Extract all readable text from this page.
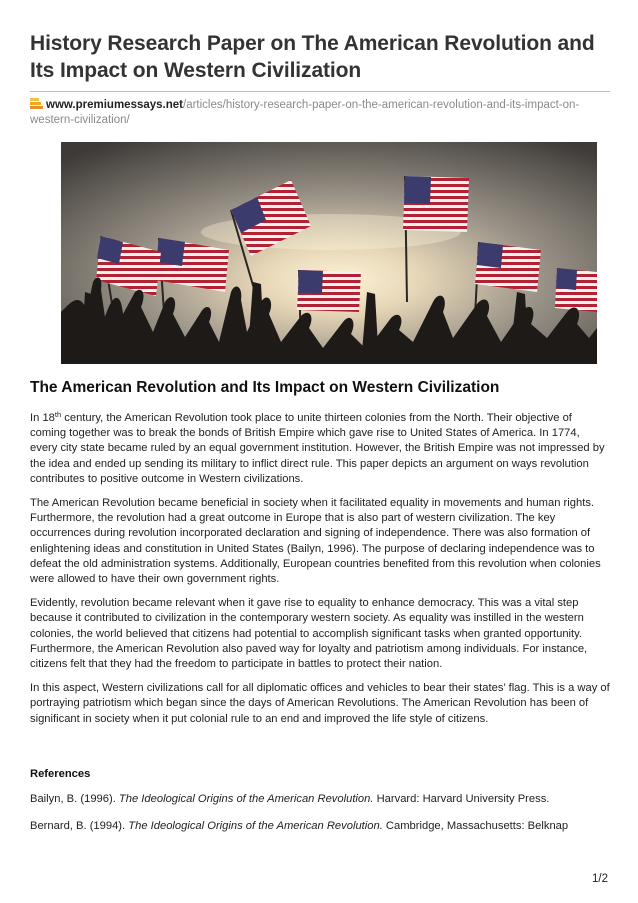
History Research Paper on The American Revolution and Its Impact on Western Civilization
www.premiumessays.net/articles/history-research-paper-on-the-american-revolution-and-its-impact-on-western-civilization/
The American Revolution and Its Impact on Western Civilization

In 18th century, the American Revolution took place to unite thirteen colonies from the North. Their objective of coming together was to break the bonds of British Empire which gave rise to United States of America. In 1774, every city state became ruled by an equal government institution. However, the British Empire was not impressed by the idea and ended up sending its military to inflict direct rule. This paper depicts an argument on ways revolution contributes to positive outcome in Western civilizations.

The American Revolution became beneficial in society when it facilitated equality in movements and human rights. Furthermore, the revolution had a great outcome in Europe that is also part of western civilization. The key occurrences during revolution incorporated declaration and signing of independence. There was also formation of enlightening ideas and constitution in United States (Bailyn, 1996). The purpose of declaring independence was to defeat the old administration systems. Additionally, European countries benefited from this revolution when colonies were allowed to have their own government rights.

Evidently, revolution became relevant when it gave rise to equality to enhance democracy. This was a vital step because it contributed to civilization in the contemporary western society. As equality was instilled in the western colonies, the world believed that citizens had potential to accomplish significant tasks when granted opportunity. Furthermore, the American Revolution also paved way for loyalty and patriotism among individuals. For instance, citizens felt that they had the freedom to participate in battles to protect their nation.

In this aspect, Western civilizations call for all diplomatic offices and vehicles to bear their states’ flag. This is a way of portraying patriotism which began since the days of American Revolutions. The American Revolution has been of significant in society when it put colonial rule to an end and improved the life style of citizens.

References

Bailyn, B. (1996). The Ideological Origins of the American Revolution. Harvard: Harvard University Press.

Bernard, B. (1994). The Ideological Origins of the American Revolution. Cambridge, Massachusetts: Belknap

1/2
